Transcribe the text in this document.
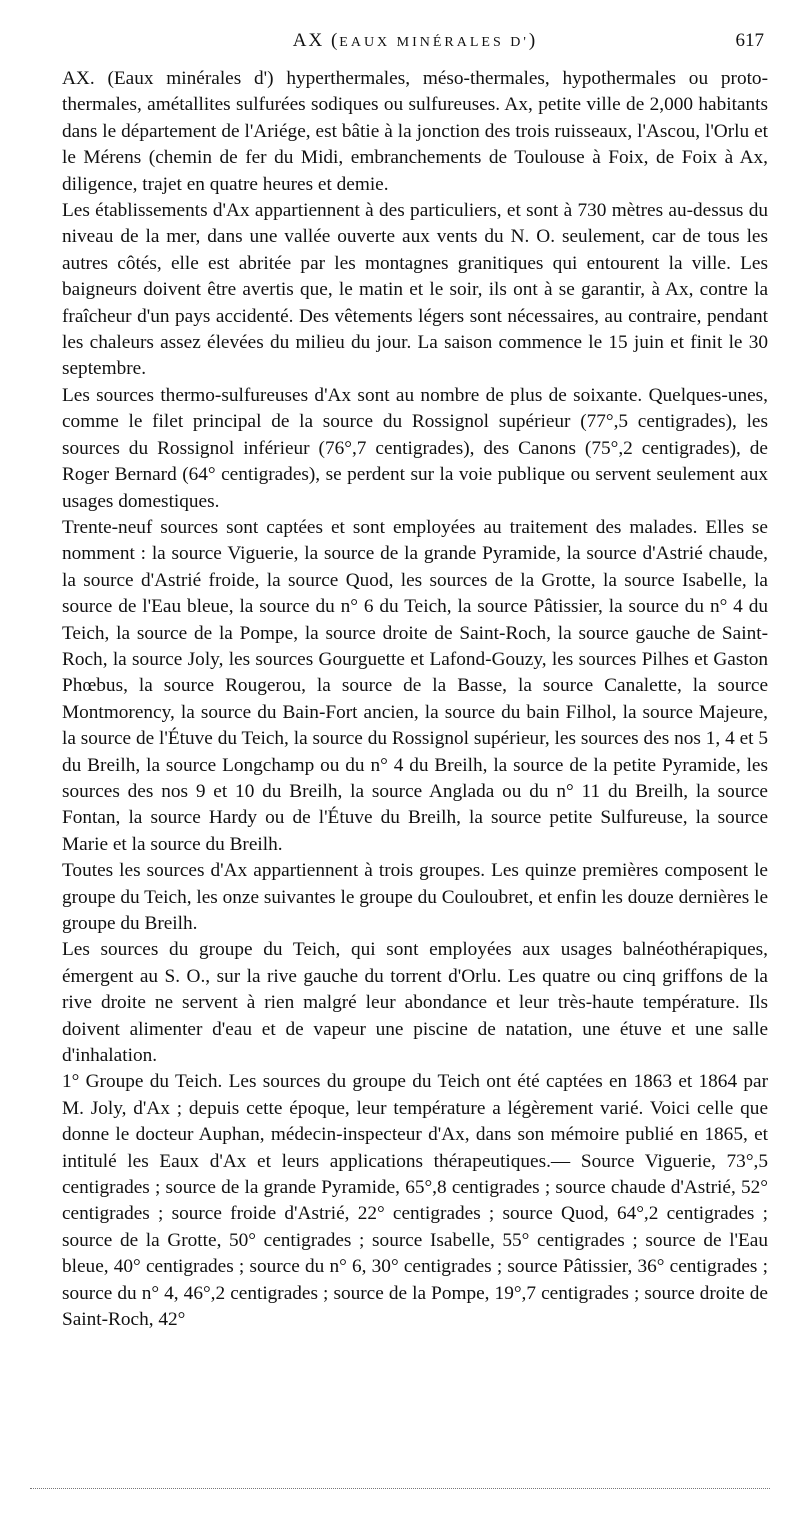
AX (EAUX MINÉRALES D')	617

AX. (Eaux minérales d') hyperthermales, méso-thermales, hypothermales ou proto-thermales, amétallites sulfurées sodiques ou sulfureuses. Ax, petite ville de 2,000 habitants dans le département de l'Ariége, est bâtie à la jonction des trois ruisseaux, l'Ascou, l'Orlu et le Mérens (chemin de fer du Midi, embranchements de Toulouse à Foix, de Foix à Ax, diligence, trajet en quatre heures et demie.

Les établissements d'Ax appartiennent à des particuliers, et sont à 730 mètres au-dessus du niveau de la mer, dans une vallée ouverte aux vents du N. O. seulement, car de tous les autres côtés, elle est abritée par les montagnes granitiques qui entourent la ville. Les baigneurs doivent être avertis que, le matin et le soir, ils ont à se garantir, à Ax, contre la fraîcheur d'un pays accidenté. Des vêtements légers sont nécessaires, au contraire, pendant les chaleurs assez élevées du milieu du jour. La saison commence le 15 juin et finit le 30 septembre.

Les sources thermo-sulfureuses d'Ax sont au nombre de plus de soixante. Quelques-unes, comme le filet principal de la source du Rossignol supérieur (77°,5 centigrades), les sources du Rossignol inférieur (76°,7 centigrades), des Canons (75°,2 centigrades), de Roger Bernard (64° centigrades), se perdent sur la voie publique ou servent seulement aux usages domestiques.

Trente-neuf sources sont captées et sont employées au traitement des malades. Elles se nomment : la source Viguerie, la source de la grande Pyramide, la source d'Astrié chaude, la source d'Astrié froide, la source Quod, les sources de la Grotte, la source Isabelle, la source de l'Eau bleue, la source du n° 6 du Teich, la source Pâtissier, la source du n° 4 du Teich, la source de la Pompe, la source droite de Saint-Roch, la source gauche de Saint-Roch, la source Joly, les sources Gourguette et Lafond-Gouzy, les sources Pilhes et Gaston Phœbus, la source Rougerou, la source de la Basse, la source Canalette, la source Montmorency, la source du Bain-Fort ancien, la source du bain Filhol, la source Majeure, la source de l'Étuve du Teich, la source du Rossignol supérieur, les sources des nos 1, 4 et 5 du Breilh, la source Longchamp ou du n° 4 du Breilh, la source de la petite Pyramide, les sources des nos 9 et 10 du Breilh, la source Anglada ou du n° 11 du Breilh, la source Fontan, la source Hardy ou de l'Étuve du Breilh, la source petite Sulfureuse, la source Marie et la source du Breilh.

Toutes les sources d'Ax appartiennent à trois groupes. Les quinze premières composent le groupe du Teich, les onze suivantes le groupe du Couloubret, et enfin les douze dernières le groupe du Breilh.

Les sources du groupe du Teich, qui sont employées aux usages balnéothérapiques, émergent au S. O., sur la rive gauche du torrent d'Orlu. Les quatre ou cinq griffons de la rive droite ne servent à rien malgré leur abondance et leur très-haute température. Ils doivent alimenter d'eau et de vapeur une piscine de natation, une étuve et une salle d'inhalation.

1° Groupe du Teich. Les sources du groupe du Teich ont été captées en 1863 et 1864 par M. Joly, d'Ax ; depuis cette époque, leur température a légèrement varié. Voici celle que donne le docteur Auphan, médecin-inspecteur d'Ax, dans son mémoire publié en 1865, et intitulé les Eaux d'Ax et leurs applications thérapeutiques.— Source Viguerie, 73°,5 centigrades ; source de la grande Pyramide, 65°,8 centigrades ; source chaude d'Astrié, 52° centigrades ; source froide d'Astrié, 22° centigrades ; source Quod, 64°,2 centigrades ; source de la Grotte, 50° centigrades ; source Isabelle, 55° centigrades ; source de l'Eau bleue, 40° centigrades ; source du n° 6, 30° centigrades ; source Pâtissier, 36° centigrades ; source du n° 4, 46°,2 centigrades ; source de la Pompe, 19°,7 centigrades ; source droite de Saint-Roch, 42°
